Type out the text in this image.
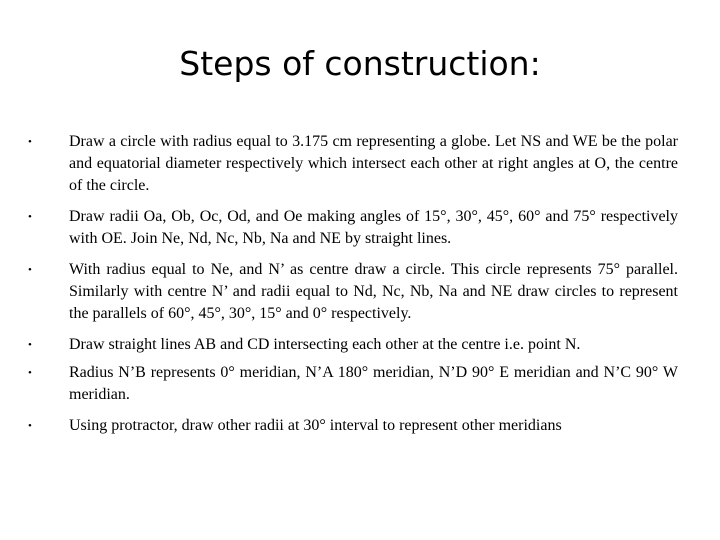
Steps of construction:
•	Draw a circle with radius equal to 3.175 cm representing a globe. Let NS and WE be the polar and equatorial diameter respectively which intersect each other at right angles at O, the centre of the circle.
•	Draw radii Oa, Ob, Oc, Od, and Oe making angles of 15°, 30°, 45°, 60° and 75° respectively with OE. Join Ne, Nd, Nc, Nb, Na and NE by straight lines.
•	With radius equal to Ne, and N’ as centre draw a circle. This circle represents 75° parallel. Similarly with centre N’ and radii equal to Nd, Nc, Nb, Na and NE draw circles to represent the parallels of 60°, 45°, 30°, 15° and 0° respectively.
•	Draw straight lines AB and CD intersecting each other at the centre i.e. point N.
•	Radius N’B represents 0° meridian, N’A 180° meridian, N’D 90° E meridian and N’C 90° W meridian.
•	Using protractor, draw other radii at 30° interval to represent other meridians
